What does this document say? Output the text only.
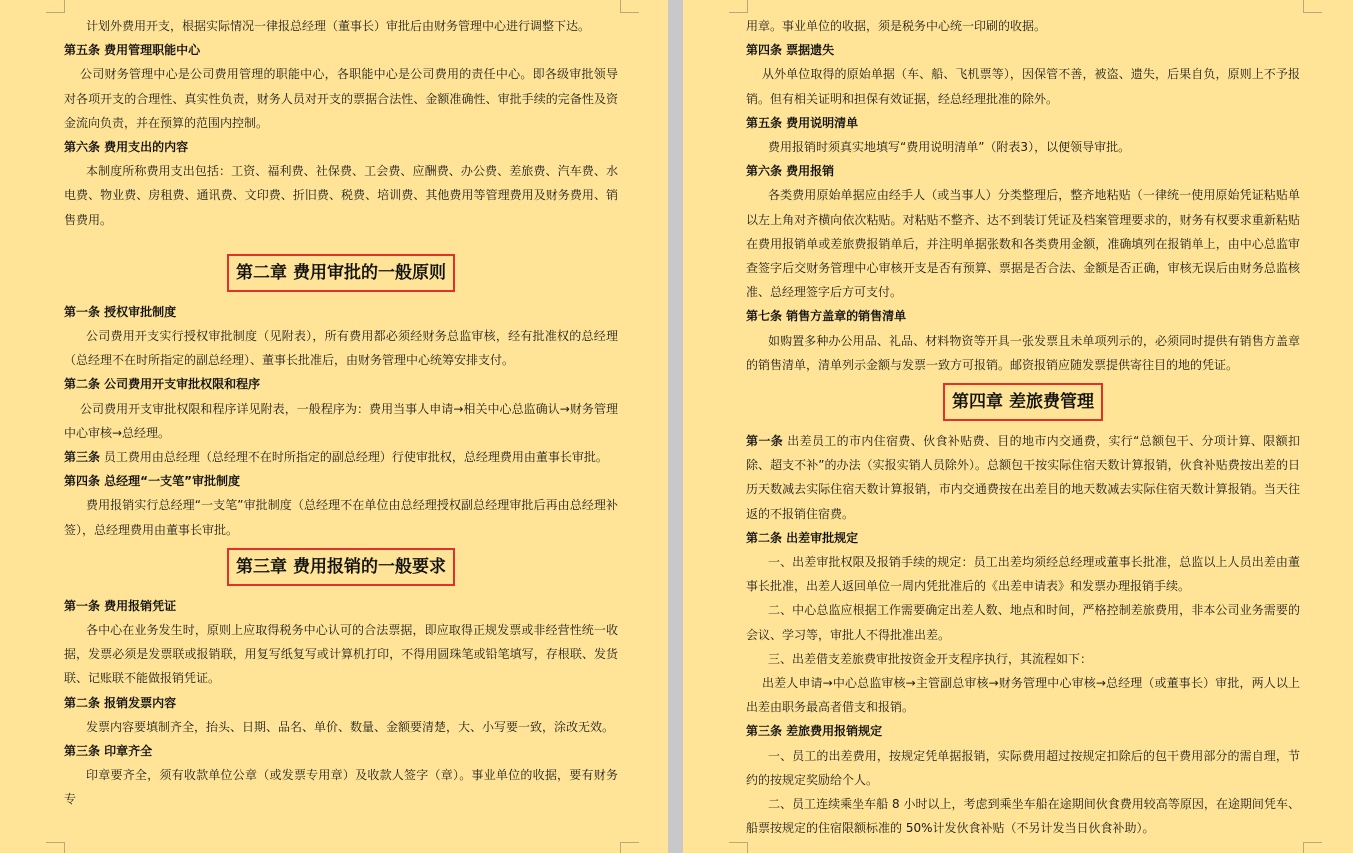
计划外费用开支，根据实际情况一律报总经理（董事长）审批后由财务管理中心进行调整下达。

第五条 费用管理职能中心

公司财务管理中心是公司费用管理的职能中心，各职能中心是公司费用的责任中心。即各级审批领导对各项开支的合理性、真实性负责，财务人员对开支的票据合法性、金额准确性、审批手续的完备性及资金流向负责，并在预算的范围内控制。

第六条 费用支出的内容

本制度所称费用支出包括：工资、福利费、社保费、工会费、应酬费、办公费、差旅费、汽车费、水电费、物业费、房租费、通讯费、文印费、折旧费、税费、培训费、其他费用等管理费用及财务费用、销售费用。

第二章 费用审批的一般原则

第一条 授权审批制度

公司费用开支实行授权审批制度（见附表），所有费用都必须经财务总监审核，经有批准权的总经理（总经理不在时所指定的副总经理）、董事长批准后，由财务管理中心统筹安排支付。

第二条 公司费用开支审批权限和程序

公司费用开支审批权限和程序详见附表，一般程序为：费用当事人申请→相关中心总监确认→财务管理中心审核→总经理。

第三条 员工费用由总经理（总经理不在时所指定的副总经理）行使审批权，总经理费用由董事长审批。

第四条 总经理“一支笔”审批制度

费用报销实行总经理“一支笔”审批制度（总经理不在单位由总经理授权副总经理审批后再由总经理补签），总经理费用由董事长审批。

第三章 费用报销的一般要求

第一条 费用报销凭证

各中心在业务发生时，原则上应取得税务中心认可的合法票据，即应取得正规发票或非经营性统一收据，发票必须是发票联或报销联，用复写纸复写或计算机打印，不得用圆珠笔或铅笔填写，存根联、发货联、记账联不能做报销凭证。

第二条 报销发票内容

发票内容要填制齐全，抬头、日期、品名、单价、数量、金额要清楚，大、小写要一致，涂改无效。

第三条 印章齐全

印章要齐全，须有收款单位公章（或发票专用章）及收款人签字（章）。事业单位的收据，要有财务专

用章。事业单位的收据，须是税务中心统一印刷的收据。

第四条 票据遗失

从外单位取得的原始单据（车、船、飞机票等），因保管不善，被盗、遗失，后果自负，原则上不予报销。但有相关证明和担保有效证据，经总经理批准的除外。

第五条 费用说明清单

费用报销时须真实地填写“费用说明清单”（附表3），以便领导审批。

第六条 费用报销

各类费用原始单据应由经手人（或当事人）分类整理后，整齐地粘贴（一律统一使用原始凭证粘贴单以左上角对齐横向依次粘贴。对粘贴不整齐、达不到装订凭证及档案管理要求的，财务有权要求重新粘贴在费用报销单或差旅费报销单后，并注明单据张数和各类费用金额，准确填列在报销单上，由中心总监审查签字后交财务管理中心审核开支是否有预算、票据是否合法、金额是否正确，审核无误后由财务总监核准、总经理签字后方可支付。

第七条 销售方盖章的销售清单

如购置多种办公用品、礼品、材料物资等开具一张发票且未单项列示的，必须同时提供有销售方盖章的销售清单，清单列示金额与发票一致方可报销。邮资报销应随发票提供寄往目的地的凭证。

第四章 差旅费管理

第一条 出差员工的市内住宿费、伙食补贴费、目的地市内交通费，实行“总额包干、分项计算、限额扣除、超支不补”的办法（实报实销人员除外）。总额包干按实际住宿天数计算报销，伙食补贴费按出差的日历天数减去实际住宿天数计算报销，市内交通费按在出差目的地天数减去实际住宿天数计算报销。当天往返的不报销住宿费。

第二条 出差审批规定

一、出差审批权限及报销手续的规定：员工出差均须经总经理或董事长批准，总监以上人员出差由董事长批准，出差人返回单位一周内凭批准后的《出差申请表》和发票办理报销手续。

二、中心总监应根据工作需要确定出差人数、地点和时间，严格控制差旅费用，非本公司业务需要的会议、学习等，审批人不得批准出差。

三、出差借支差旅费审批按资金开支程序执行，其流程如下：

出差人申请→中心总监审核→主管副总审核→财务管理中心审核→总经理（或董事长）审批，两人以上出差由职务最高者借支和报销。

第三条 差旅费用报销规定

一、员工的出差费用，按规定凭单据报销，实际费用超过按规定扣除后的包干费用部分的需自理，节约的按规定奖励给个人。

二、员工连续乘坐车船 8 小时以上，考虑到乘坐车船在途期间伙食费用较高等原因，在途期间凭车、船票按规定的住宿限额标准的 50%计发伙食补贴（不另计发当日伙食补助）。
